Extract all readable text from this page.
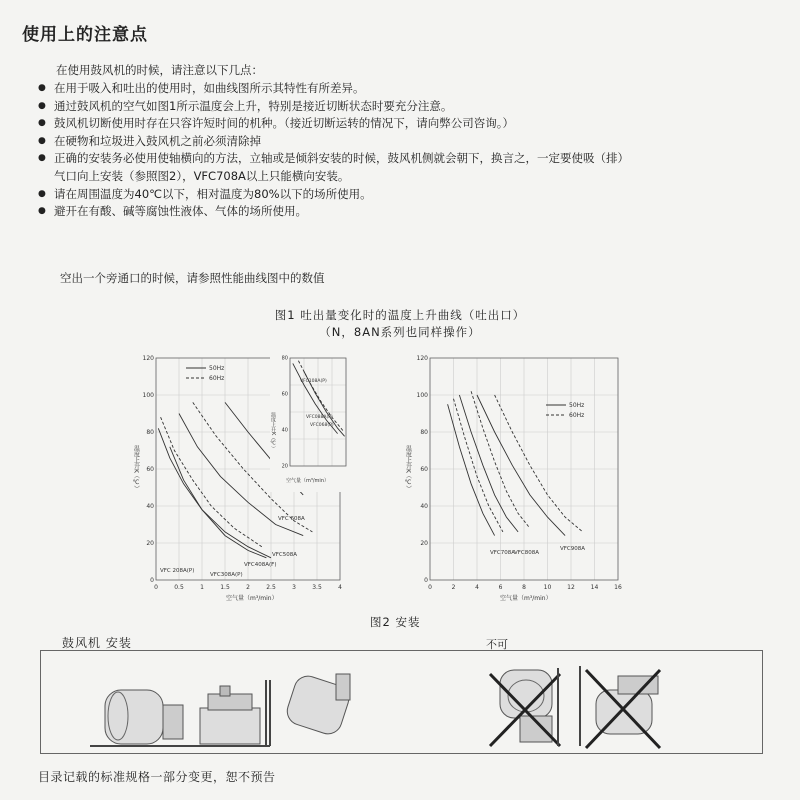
使用上的注意点
在使用鼓风机的时候，请注意以下几点：
● 在用于吸入和吐出的使用时，如曲线图所示其特性有所差异。
● 通过鼓风机的空气如图1所示温度会上升，特别是接近切断状态时要充分注意。
● 鼓风机切断使用时存在只容许短时间的机种。（接近切断运转的情况下，请向弊公司咨询。）
● 在硬物和垃圾进入鼓风机之前必须清除掉
● 正确的安装务必使用使轴横向的方法，立轴或是倾斜安装的时候，鼓风机侧就会朝下，换言之，一定要使吸（排）
气口向上安装（参照图2），VFC708A以上只能横向安装。
● 请在周围温度为40℃以下，相对温度为80%以下的场所使用。
● 避开在有酸、碱等腐蚀性液体、气体的场所使用。
空出一个旁通口的时候，请参照性能曲线图中的数值
图1 吐出量变化时的温度上升曲线（吐出口）
（N，8AN系列也同样操作）
0	0.5	1	1.5	2	2.5	3	3.5	4
0
20
40
60
80
100
120
空气量（m³/min）
温度上升K（℃）
50Hz
60Hz
VFC 208A(P)
VFC308A(P)
VFC408A(F)
VFC508A
VFC 608A
20
40
60
80
空气量（m³/min）
温度上升K（℃）
VFC108A(P)
VFC088A(P)
VFC068(P)
0	2	4	6	8	10	12	14	16
0
20
40
60
80
100
120
空气量（m³/min）
温度上升K（℃）
50Hz
60Hz
VFC708A
VFC808A
VFC908A
图2 安装
鼓风机 安装	不可
目录记载的标准规格一部分变更，恕不预告
